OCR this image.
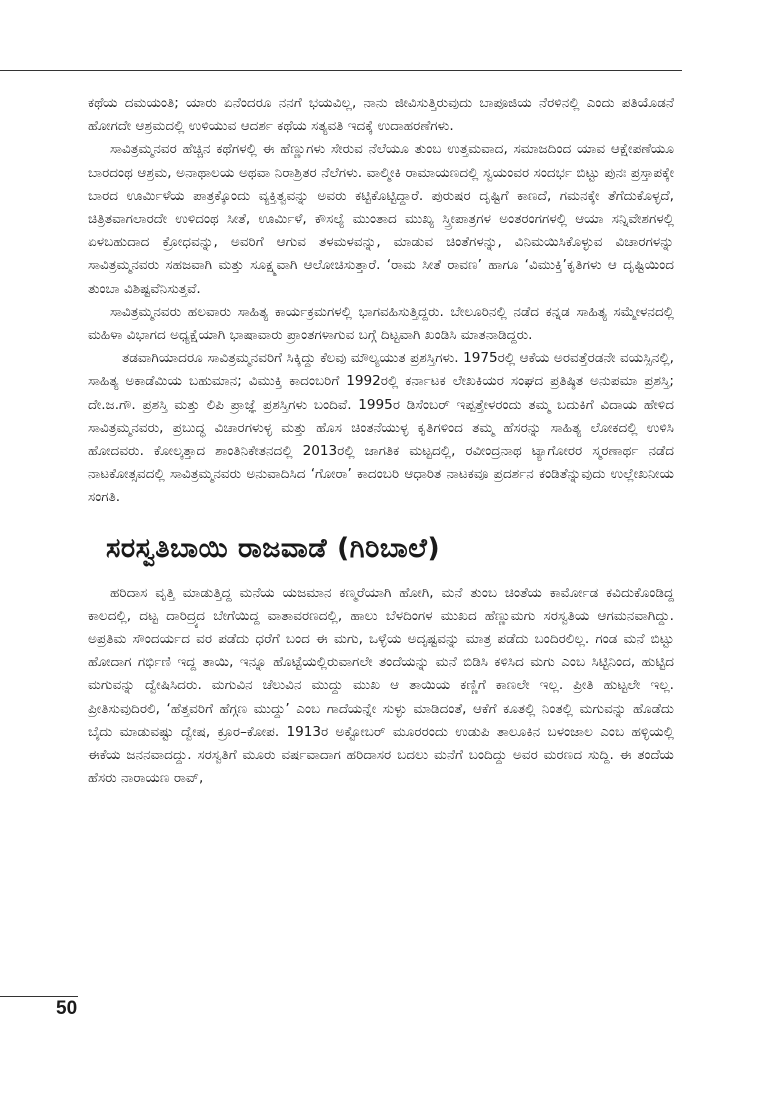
ಕಥೆಯ ದಮಯಂತಿ; ಯಾರು ಏನೆಂದರೂ ನನಗೆ ಭಯವಿಲ್ಲ, ನಾನು ಜೀವಿಸುತ್ತಿರುವುದು ಬಾಪೂಜಿಯ ನೆರಳಿನಲ್ಲಿ ಎಂದು ಪತಿಯೊಡನೆ ಹೋಗದೇ ಆಶ್ರಮದಲ್ಲಿ ಉಳಿಯುವ ಆದರ್ಶ ಕಥೆಯ ಸತ್ಯವತಿ ಇದಕ್ಕೆ ಉದಾಹರಣೆಗಳು.

ಸಾವಿತ್ರಮ್ಮನವರ ಹೆಚ್ಚಿನ ಕಥೆಗಳಲ್ಲಿ ಈ ಹೆಣ್ಣುಗಳು ಸೇರುವ ನೆಲೆಯೂ ತುಂಬ ಉತ್ತಮವಾದ, ಸಮಾಜದಿಂದ ಯಾವ ಆಕ್ಷೇಪಣೆಯೂ ಬಾರದಂಥ ಆಶ್ರಮ, ಅನಾಥಾಲಯ ಅಥವಾ ನಿರಾಶ್ರಿತರ ನೆಲೆಗಳು. ವಾಲ್ಮೀಕಿ ರಾಮಾಯಣದಲ್ಲಿ ಸ್ವಯಂವರ ಸಂದರ್ಭ ಬಿಟ್ಟು ಪುನಃ ಪ್ರಸ್ತಾಪಕ್ಕೇ ಬಾರದ ಊರ್ಮಿಳೆಯ ಪಾತ್ರಕ್ಕೊಂದು ವ್ಯಕ್ತಿತ್ವವನ್ನು ಅವರು ಕಟ್ಟಿಕೊಟ್ಟಿದ್ದಾರೆ. ಪುರುಷರ ದೃಷ್ಟಿಗೆ ಕಾಣದೆ, ಗಮನಕ್ಕೇ ತೆಗೆದುಕೊಳ್ಳದೆ, ಚಿತ್ರಿತವಾಗಲಾರದೇ ಉಳಿದಂಥ ಸೀತೆ, ಊರ್ಮಿಳೆ, ಕೌಸಲ್ಯೆ ಮುಂತಾದ ಮುಖ್ಯ ಸ್ತ್ರೀಪಾತ್ರಗಳ ಅಂತರಂಗಗಳಲ್ಲಿ ಆಯಾ ಸನ್ನಿವೇಶಗಳಲ್ಲಿ ಏಳಬಹುದಾದ ಕ್ರೋಧವನ್ನು, ಅವರಿಗೆ ಆಗುವ ತಳಮಳವನ್ನು, ಮಾಡುವ ಚಿಂತೆಗಳನ್ನು, ವಿನಿಮಯಿಸಿಕೊಳ್ಳುವ ವಿಚಾರಗಳನ್ನು ಸಾವಿತ್ರಮ್ಮನವರು ಸಹಜವಾಗಿ ಮತ್ತು ಸೂಕ್ಷ್ಮವಾಗಿ ಆಲೋಚಿಸುತ್ತಾರೆ. ‘ರಾಮ ಸೀತೆ ರಾವಣ’ ಹಾಗೂ ‘ವಿಮುಕ್ತಿ’ಕೃತಿಗಳು ಆ ದೃಷ್ಟಿಯಿಂದ ತುಂಬಾ ವಿಶಿಷ್ಟವೆನಿಸುತ್ತವೆ.

ಸಾವಿತ್ರಮ್ಮನವರು ಹಲವಾರು ಸಾಹಿತ್ಯ ಕಾರ್ಯಕ್ರಮಗಳಲ್ಲಿ ಭಾಗವಹಿಸುತ್ತಿದ್ದರು. ಬೇಲೂರಿನಲ್ಲಿ ನಡೆದ ಕನ್ನಡ ಸಾಹಿತ್ಯ ಸಮ್ಮೇಳನದಲ್ಲಿ ಮಹಿಳಾ ವಿಭಾಗದ ಅಧ್ಯಕ್ಷೆಯಾಗಿ ಭಾಷಾವಾರು ಪ್ರಾಂತಗಳಾಗುವ ಬಗ್ಗೆ ದಿಟ್ಟವಾಗಿ ಖಂಡಿಸಿ ಮಾತನಾಡಿದ್ದರು.

ತಡವಾಗಿಯಾದರೂ ಸಾವಿತ್ರಮ್ಮನವರಿಗೆ ಸಿಕ್ಕಿದ್ದು ಕೆಲವು ಮೌಲ್ಯಯುತ ಪ್ರಶಸ್ತಿಗಳು. 1975ರಲ್ಲಿ ಆಕೆಯ ಅರವತ್ತೆರಡನೇ ವಯಸ್ಸಿನಲ್ಲಿ, ಸಾಹಿತ್ಯ ಅಕಾಡೆಮಿಯ ಬಹುಮಾನ; ವಿಮುಕ್ತಿ ಕಾದಂಬರಿಗೆ 1992ರಲ್ಲಿ ಕರ್ನಾಟಕ ಲೇಖಕಿಯರ ಸಂಘದ ಪ್ರತಿಷ್ಠಿತ ಅನುಪಮಾ ಪ್ರಶಸ್ತಿ; ದೇ.ಜ.ಗೌ. ಪ್ರಶಸ್ತಿ ಮತ್ತು ಲಿಪಿ ಪ್ರಾಜ್ಞೆ ಪ್ರಶಸ್ತಿಗಳು ಬಂದಿವೆ. 1995ರ ಡಿಸೆಂಬರ್ ಇಪ್ಪತ್ತೇಳರಂದು ತಮ್ಮ ಬದುಕಿಗೆ ವಿದಾಯ ಹೇಳಿದ ಸಾವಿತ್ರಮ್ಮನವರು, ಪ್ರಬುದ್ಧ ವಿಚಾರಗಳುಳ್ಳ ಮತ್ತು ಹೊಸ ಚಿಂತನೆಯುಳ್ಳ ಕೃತಿಗಳಿಂದ ತಮ್ಮ ಹೆಸರನ್ನು ಸಾಹಿತ್ಯ ಲೋಕದಲ್ಲಿ ಉಳಿಸಿ ಹೋದವರು. ಕೋಲ್ಕತ್ತಾದ ಶಾಂತಿನಿಕೇತನದಲ್ಲಿ 2013ರಲ್ಲಿ ಜಾಗತಿಕ ಮಟ್ಟದಲ್ಲಿ, ರವೀಂದ್ರನಾಥ ಟ್ಯಾಗೋರರ ಸ್ಮರಣಾರ್ಥ ನಡೆದ ನಾಟಕೋತ್ಸವದಲ್ಲಿ ಸಾವಿತ್ರಮ್ಮನವರು ಅನುವಾದಿಸಿದ ‘ಗೋರಾ’ ಕಾದಂಬರಿ ಆಧಾರಿತ ನಾಟಕವೂ ಪ್ರದರ್ಶನ ಕಂಡಿತೆನ್ನುವುದು ಉಲ್ಲೇಖನೀಯ ಸಂಗತಿ.

ಸರಸ್ವತಿಬಾಯಿ ರಾಜವಾಡೆ (ಗಿರಿಬಾಲೆ)

ಹರಿದಾಸ ವೃತ್ತಿ ಮಾಡುತ್ತಿದ್ದ ಮನೆಯ ಯಜಮಾನ ಕಣ್ಮರೆಯಾಗಿ ಹೋಗಿ, ಮನೆ ತುಂಬ ಚಿಂತೆಯ ಕಾರ್ಮೋಡ ಕವಿದುಕೊಂಡಿದ್ದ ಕಾಲದಲ್ಲಿ, ದಟ್ಟ ದಾರಿದ್ರ್ಯದ ಬೇಗೆಯಿದ್ದ ವಾತಾವರಣದಲ್ಲಿ, ಹಾಲು ಬೆಳದಿಂಗಳ ಮುಖದ ಹೆಣ್ಣುಮಗು ಸರಸ್ವತಿಯ ಆಗಮನವಾಗಿದ್ದು. ಅಪ್ರತಿಮ ಸೌಂದರ್ಯದ ವರ ಪಡೆದು ಧರೆಗೆ ಬಂದ ಈ ಮಗು, ಒಳ್ಳೆಯ ಅದೃಷ್ಟವನ್ನು ಮಾತ್ರ ಪಡೆದು ಬಂದಿರಲಿಲ್ಲ. ಗಂಡ ಮನೆ ಬಿಟ್ಟು ಹೋದಾಗ ಗರ್ಭಿಣಿ ಇದ್ದ ತಾಯಿ, ಇನ್ನೂ ಹೊಟ್ಟೆಯಲ್ಲಿರುವಾಗಲೇ ತಂದೆಯನ್ನು ಮನೆ ಬಿಡಿಸಿ ಕಳಿಸಿದ ಮಗು ಎಂಬ ಸಿಟ್ಟಿನಿಂದ, ಹುಟ್ಟಿದ ಮಗುವನ್ನು ದ್ವೇಷಿಸಿದರು. ಮಗುವಿನ ಚೆಲುವಿನ ಮುದ್ದು ಮುಖ ಆ ತಾಯಿಯ ಕಣ್ಣಿಗೆ ಕಾಣಲೇ ಇಲ್ಲ. ಪ್ರೀತಿ ಹುಟ್ಟಲೇ ಇಲ್ಲ. ಪ್ರೀತಿಸುವುದಿರಲಿ, ‘ಹೆತ್ತವರಿಗೆ ಹೆಗ್ಗಣ ಮುದ್ದು’ ಎಂಬ ಗಾದೆಯನ್ನೇ ಸುಳ್ಳು ಮಾಡಿದಂತೆ, ಆಕೆಗೆ ಕೂತಲ್ಲಿ ನಿಂತಲ್ಲಿ ಮಗುವನ್ನು ಹೊಡೆದು ಬೈದು ಮಾಡುವಷ್ಟು ದ್ವೇಷ, ಕ್ರೂರ–ಕೋಪ. 1913ರ ಅಕ್ಟೋಬರ್ ಮೂರರಂದು ಉಡುಪಿ ತಾಲೂಕಿನ ಬಳಂಜಾಲ ಎಂಬ ಹಳ್ಳಿಯಲ್ಲಿ ಈಕೆಯ ಜನನವಾದದ್ದು. ಸರಸ್ವತಿಗೆ ಮೂರು ವರ್ಷವಾದಾಗ ಹರಿದಾಸರ ಬದಲು ಮನೆಗೆ ಬಂದಿದ್ದು ಅವರ ಮರಣದ ಸುದ್ದಿ. ಈ ತಂದೆಯ ಹೆಸರು ನಾರಾಯಣ ರಾವ್,

50
